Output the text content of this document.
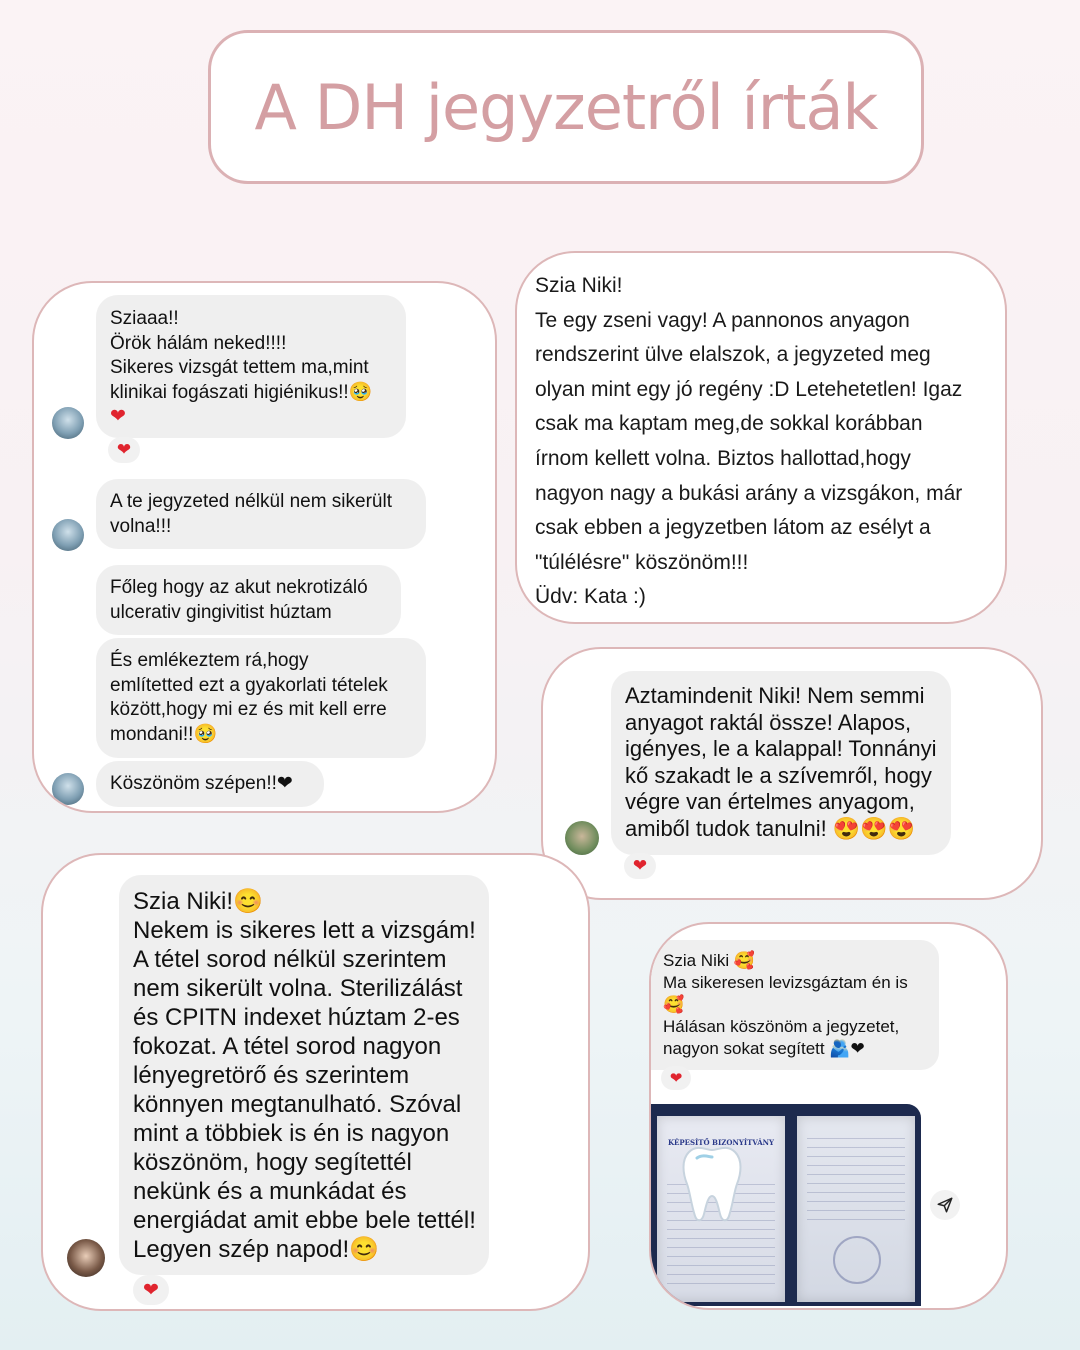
A DH jegyzetről írták
Sziaaa!!
Örök hálám neked!!!!
Sikeres vizsgát tettem ma,mint
klinikai fogászati higiénikus!!🥹
❤
❤
A te jegyzeted nélkül nem sikerült
volna!!!
Főleg hogy az akut nekrotizáló
ulcerativ gingivitist húztam
És emlékeztem rá,hogy
említetted ezt a gyakorlati tételek
között,hogy mi ez és mit kell erre
mondani!!🥹
Köszönöm szépen!!❤
Szia Niki!
Te egy zseni vagy! A pannonos anyagon
rendszerint ülve elalszok, a jegyzeted meg
olyan mint egy jó regény :D Letehetetlen! Igaz
csak ma kaptam meg,de sokkal korábban
írnom kellett volna. Biztos hallottad,hogy
nagyon nagy a bukási arány a vizsgákon, már
csak ebben a jegyzetben látom az esélyt a
"túlélésre" köszönöm!!!
Üdv: Kata :)
Aztamindenit Niki! Nem semmi
anyagot raktál össze! Alapos,
igényes, le a kalappal! Tonnányi
kő szakadt le a szívemről, hogy
végre van értelmes anyagom,
amiből tudok tanulni! 😍😍😍
❤
Szia Niki!😊
Nekem is sikeres lett a vizsgám!
A tétel sorod nélkül szerintem
nem sikerült volna. Sterilizálást
és CPITN indexet húztam 2-es
fokozat. A tétel sorod nagyon
lényegretörő és szerintem
könnyen megtanulható. Szóval
mint a többiek is én is nagyon
köszönöm, hogy segítettél
nekünk és a munkádat és
energiádat amit ebbe bele tettél!
Legyen szép napod!😊
❤
Szia Niki 🥰
Ma sikeresen levizsgáztam én is
🥰
Hálásan köszönöm a jegyzetet,
nagyon sokat segített 🫂❤
❤
KÉPESÍTŐ BIZONYÍTVÁNY
